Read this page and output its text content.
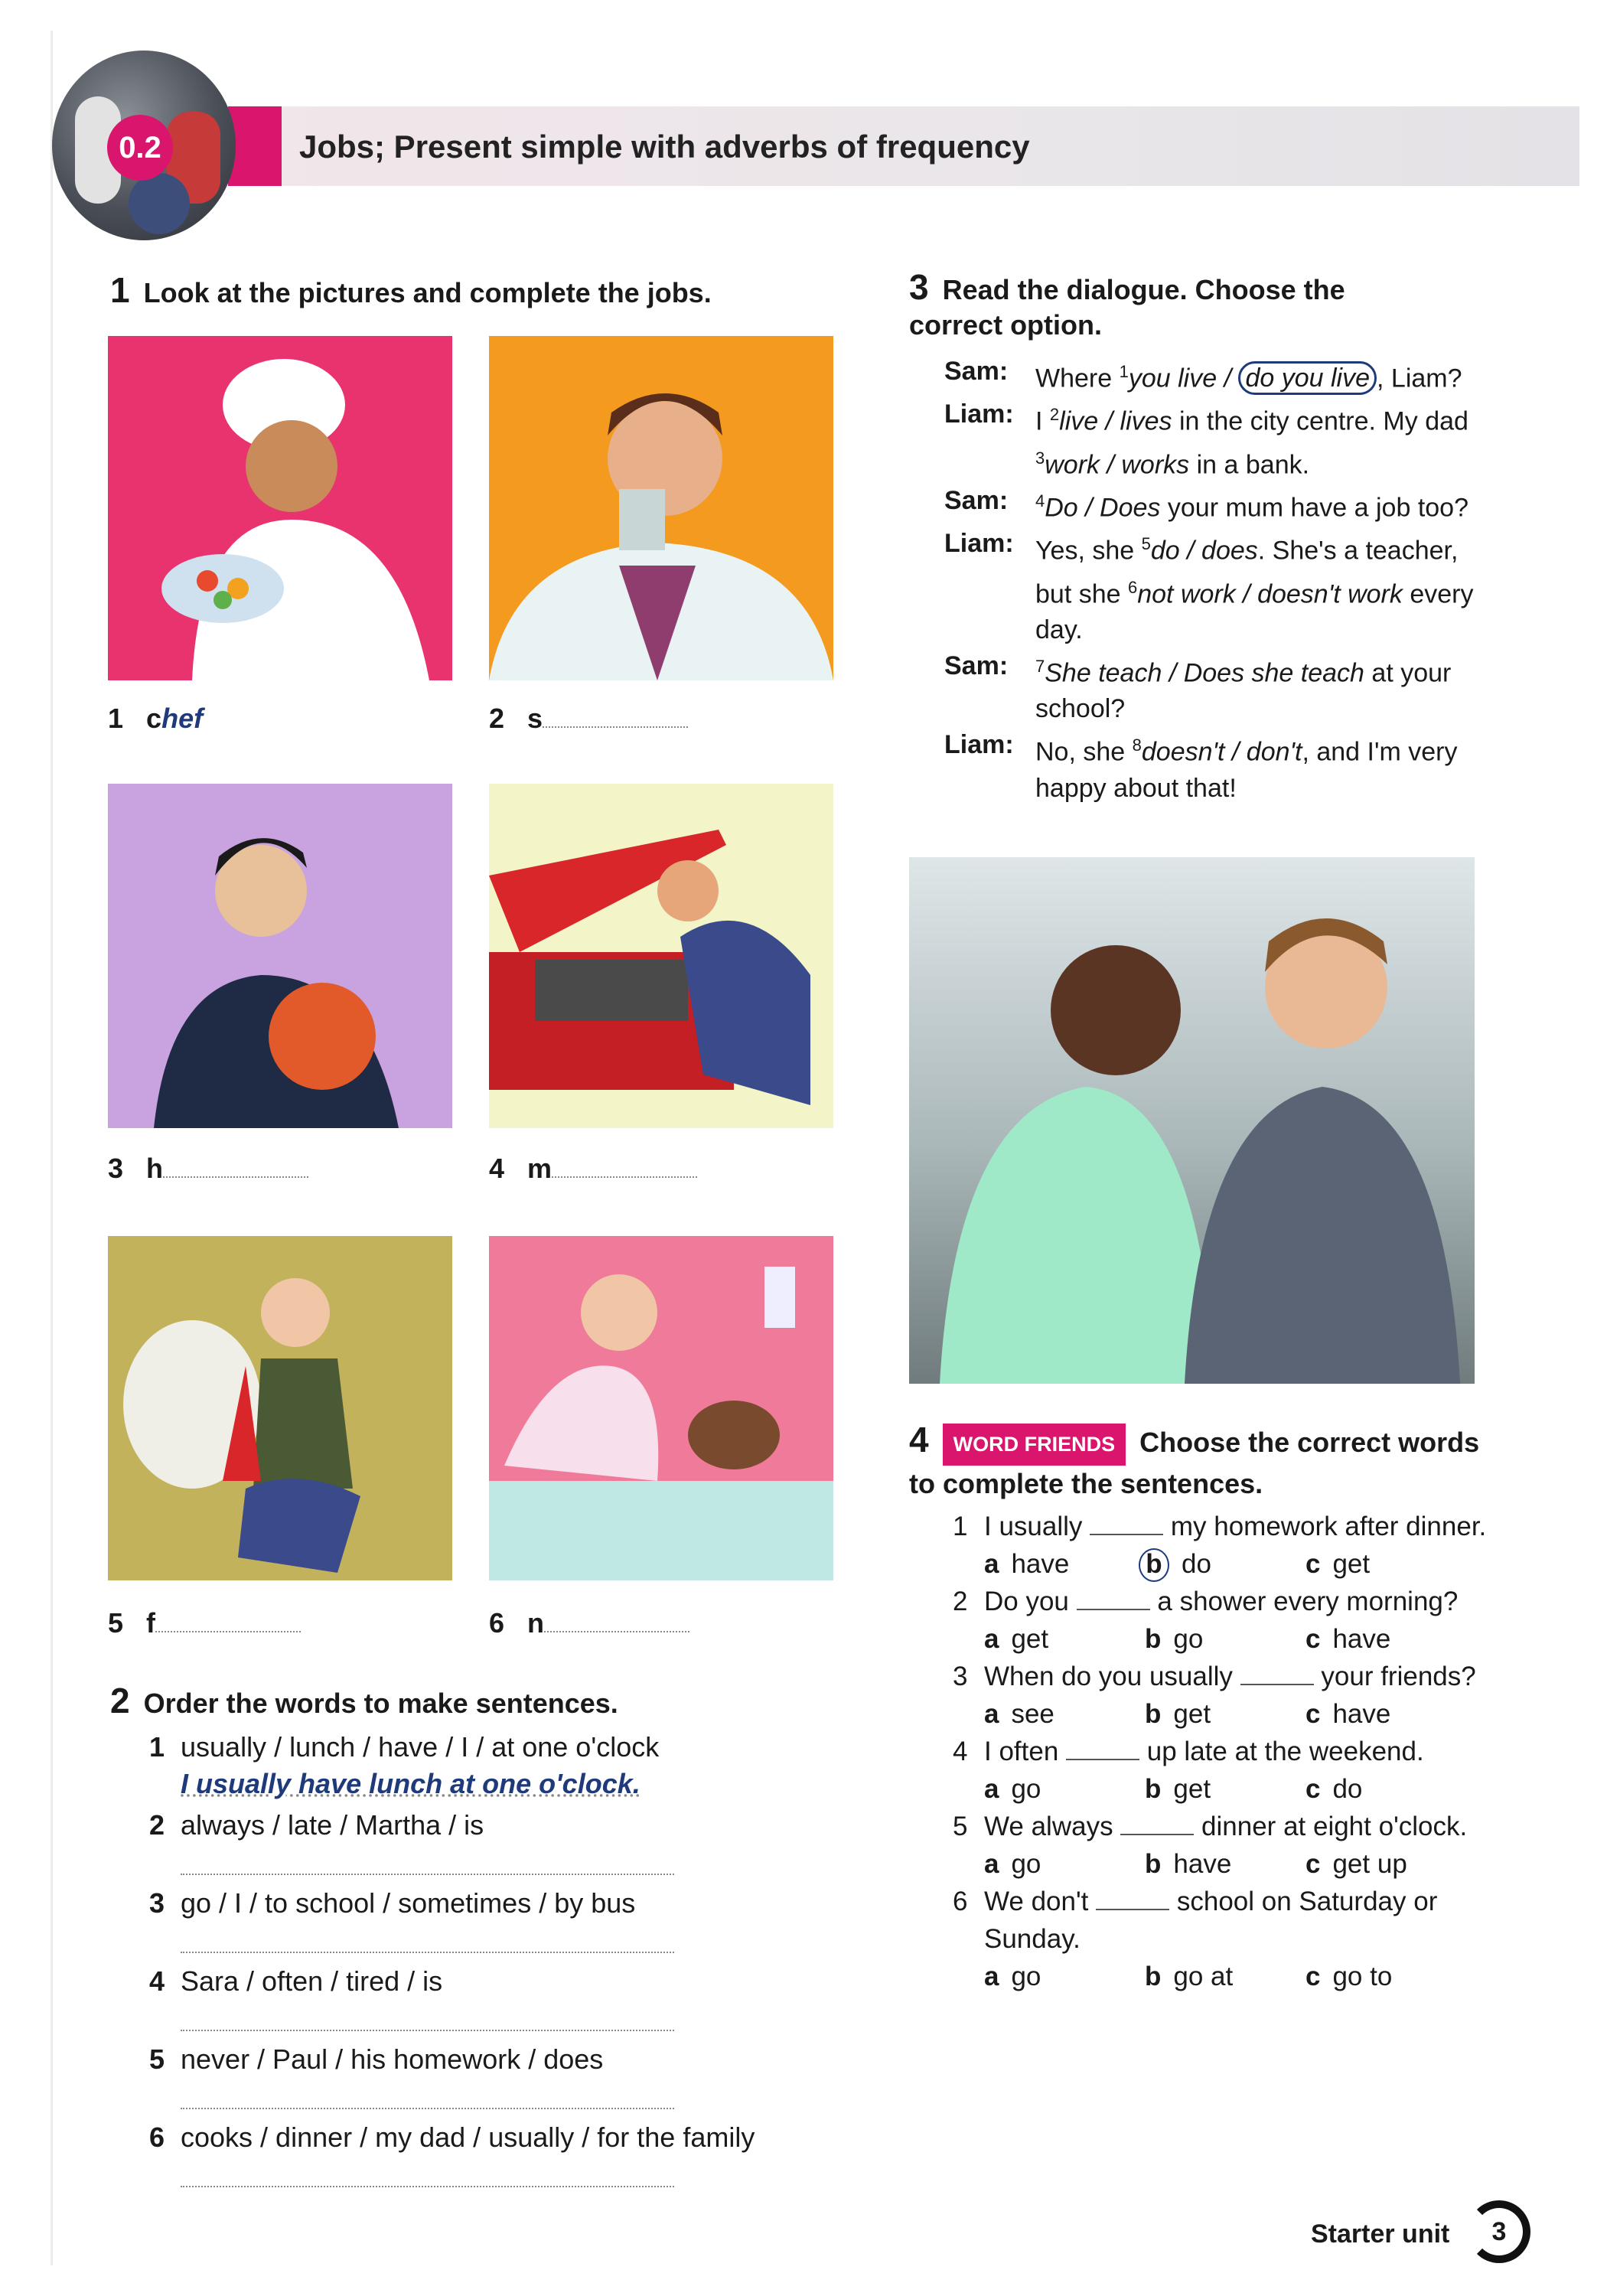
0.2	Jobs; Present simple with adverbs of frequency
1 Look at the pictures and complete the jobs.
1 chef	2 s
3 h	4 m
5 f	6 n
2 Order the words to make sentences.
1 usually / lunch / have / I / at one o'clock
I usually have lunch at one o'clock.
2 always / late / Martha / is
3 go / I / to school / sometimes / by bus
4 Sara / often / tired / is
5 never / Paul / his homework / does
6 cooks / dinner / my dad / usually / for the family
3 Read the dialogue. Choose the correct option.
Sam:	Where $^1$you live / do you live , Liam?
Liam: I $^2$live / lives in the city centre. My dad $^3$work / works in a bank.
Sam:	$^4$Do / Does your mum have a job too?
Liam: Yes, she $^5$do / does. She's a teacher, but she $^6$not work / doesn't work every day.
Sam:	$^7$She teach / Does she teach at your school?
Liam: No, she $^8$doesn't / don't, and I'm very happy about that!
4 WORD FRIENDS Choose the correct words to complete the sentences.
1 I usually	my homework after dinner.
a have	b do	c get
2 Do you	a shower every morning?
a get	b go	c have
3 When do you usually	your friends?
a see	b get	c have
4 I often	up late at the weekend.
a go	b get	c do
5 We always	dinner at eight o'clock.
a go	b have	c get up
6 We don't	school on Saturday or Sunday.
a go	b go at	c go to
Starter unit	3
